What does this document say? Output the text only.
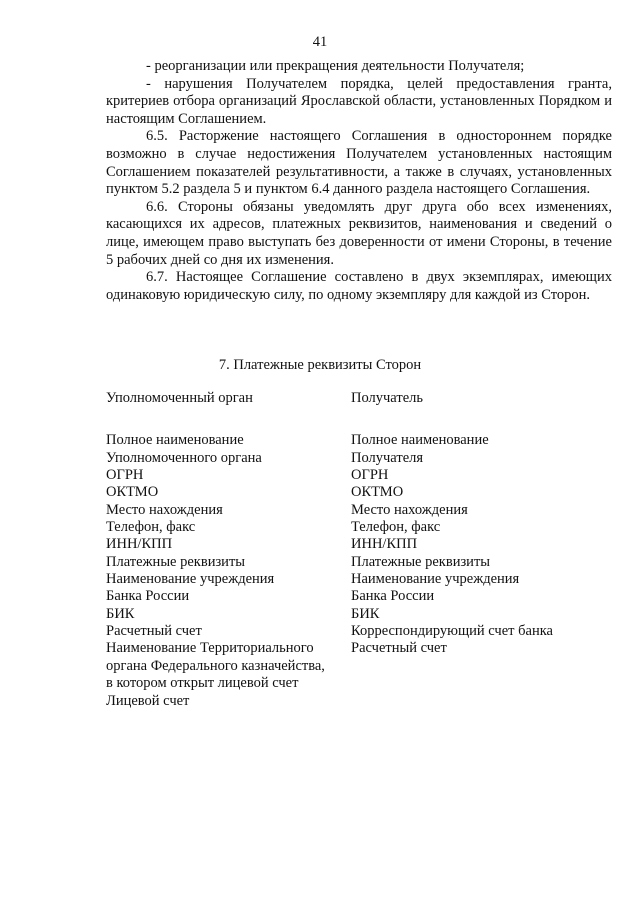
41

- реорганизации или прекращения деятельности Получателя;

- нарушения Получателем порядка, целей предоставления гранта, критериев отбора организаций Ярославской области, установленных Порядком и настоящим Соглашением.

6.5. Расторжение настоящего Соглашения в одностороннем порядке возможно в случае недостижения Получателем установленных настоящим Соглашением показателей результативности, а также в случаях, установленных пунктом 5.2 раздела 5 и пунктом 6.4 данного раздела настоящего Соглашения.

6.6. Стороны обязаны уведомлять друг друга обо всех изменениях, касающихся их адресов, платежных реквизитов, наименования и сведений о лице, имеющем право выступать без доверенности от имени Стороны, в течение 5 рабочих дней со дня их изменения.

6.7. Настоящее Соглашение составлено в двух экземплярах, имеющих одинаковую юридическую силу, по одному экземпляру для каждой из Сторон.

7. Платежные реквизиты Сторон
Уполномоченный орган
Полное наименование
Уполномоченного органа
ОГРН
ОКТМО
Место нахождения
Телефон, факс
ИНН/КПП
Платежные реквизиты
Наименование учреждения
Банка России
БИК
Расчетный счет
Наименование Территориального
органа Федерального казначейства,
в котором открыт лицевой счет
Лицевой счет
Получатель
Полное наименование
Получателя
ОГРН
ОКТМО
Место нахождения
Телефон, факс
ИНН/КПП
Платежные реквизиты
Наименование учреждения
Банка России
БИК
Корреспондирующий счет банка
Расчетный счет
